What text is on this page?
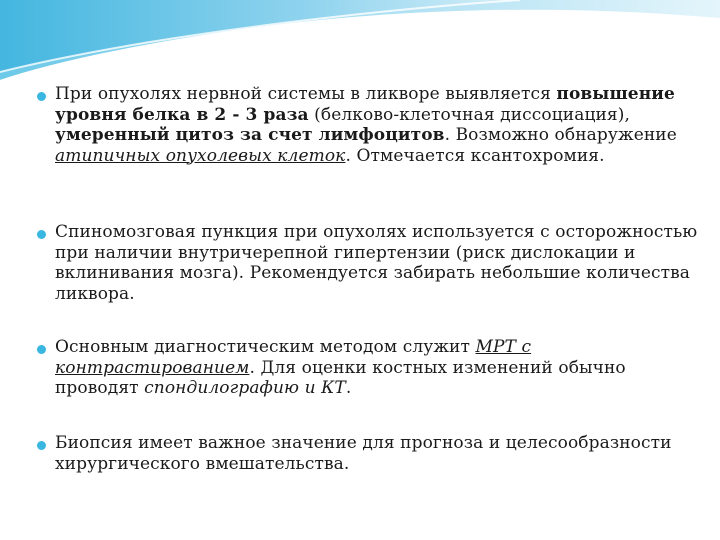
При опухолях нервной системы в ликворе выявляется повышение уровня белка в 2 - 3 раза (белково-клеточная диссоциация), умеренный цитоз за счет лимфоцитов. Возможно обнаружение атипичных опухолевых клеток. Отмечается ксантохромия.
Спиномозговая пункция при опухолях используется с осторожностью при наличии внутричерепной гипертензии (риск дислокации и вклинивания мозга). Рекомендуется забирать небольшие количества ликвора.
Основным диагностическим методом служит МРТ с контрастированием. Для оценки костных изменений обычно проводят спондилографию и КТ.
Биопсия имеет важное значение для прогноза и целесообразности хирургического вмешательства.
